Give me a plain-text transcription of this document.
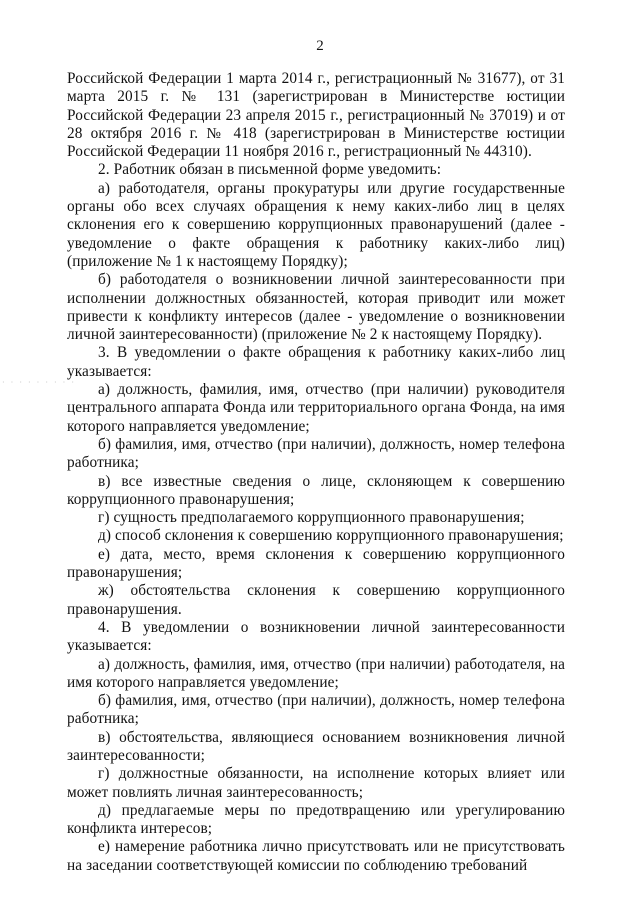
2
· · · · · · · · ·

Российской Федерации 1 марта 2014 г., регистрационный № 31677), от 31 марта 2015 г. № 131 (зарегистрирован в Министерстве юстиции Российской Федерации 23 апреля 2015 г., регистрационный № 37019) и от 28 октября 2016 г. № 418 (зарегистрирован в Министерстве юстиции Российской Федерации 11 ноября 2016 г., регистрационный № 44310).

2. Работник обязан в письменной форме уведомить:

а) работодателя, органы прокуратуры или другие государственные органы обо всех случаях обращения к нему каких-либо лиц в целях склонения его к совершению коррупционных правонарушений (далее - уведомление о факте обращения к работнику каких-либо лиц) (приложение № 1 к настоящему Порядку);

б) работодателя о возникновении личной заинтересованности при исполнении должностных обязанностей, которая приводит или может привести к конфликту интересов (далее - уведомление о возникновении личной заинтересованности) (приложение № 2 к настоящему Порядку).

3. В уведомлении о факте обращения к работнику каких-либо лиц указывается:

а) должность, фамилия, имя, отчество (при наличии) руководителя центрального аппарата Фонда или территориального органа Фонда, на имя которого направляется уведомление;

б) фамилия, имя, отчество (при наличии), должность, номер телефона работника;

в) все известные сведения о лице, склоняющем к совершению коррупционного правонарушения;

г) сущность предполагаемого коррупционного правонарушения;

д) способ склонения к совершению коррупционного правонарушения;

е) дата, место, время склонения к совершению коррупционного правонарушения;

ж) обстоятельства склонения к совершению коррупционного правонарушения.

4. В уведомлении о возникновении личной заинтересованности указывается:

а) должность, фамилия, имя, отчество (при наличии) работодателя, на имя которого направляется уведомление;

б) фамилия, имя, отчество (при наличии), должность, номер телефона работника;

в) обстоятельства, являющиеся основанием возникновения личной заинтересованности;

г) должностные обязанности, на исполнение которых влияет или может повлиять личная заинтересованность;

д) предлагаемые меры по предотвращению или урегулированию конфликта интересов;

е) намерение работника лично присутствовать или не присутствовать на заседании соответствующей комиссии по соблюдению требований
